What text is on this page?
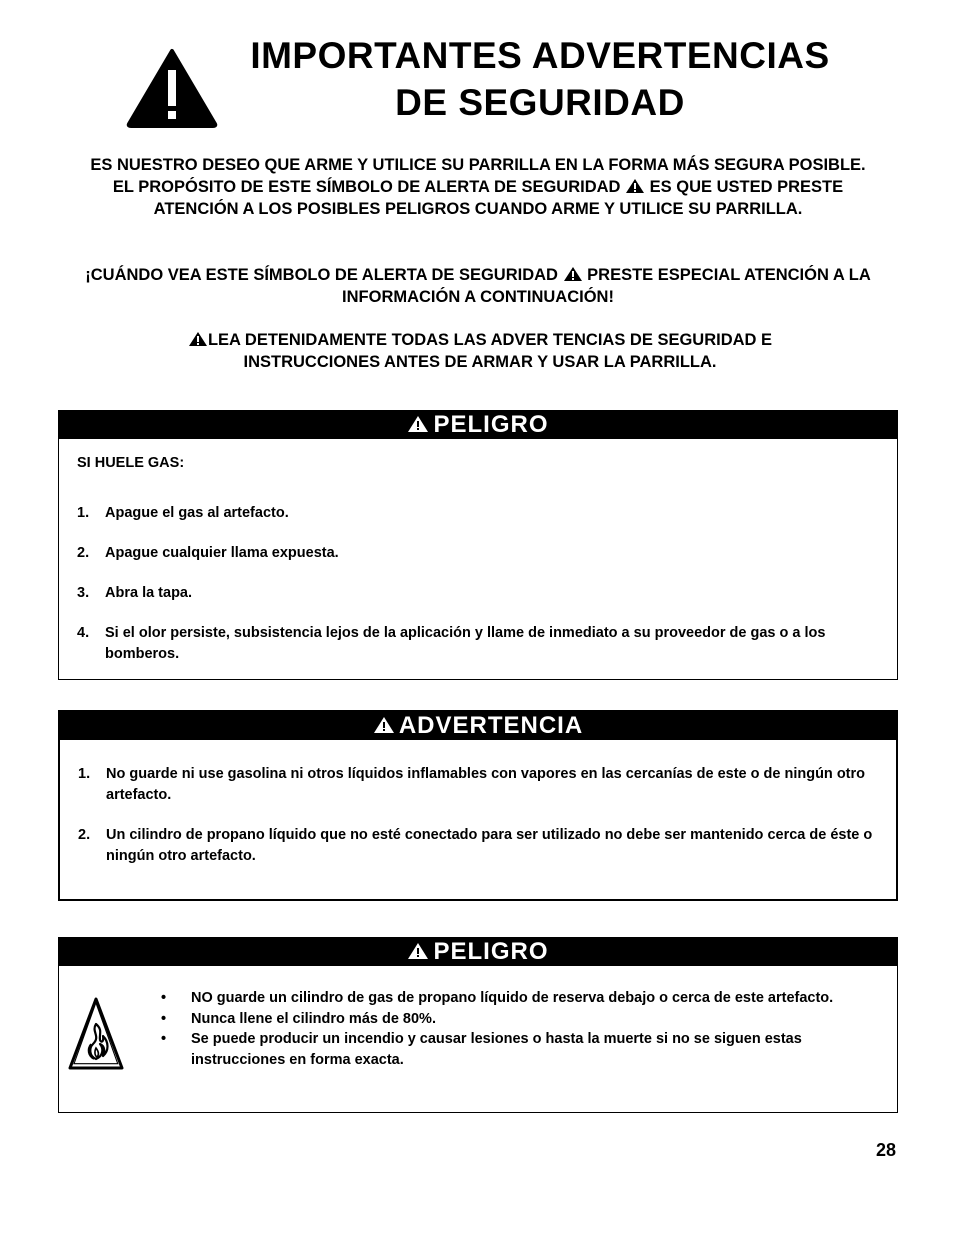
IMPORTANTES ADVERTENCIAS
DE SEGURIDAD
ES NUESTRO DESEO QUE ARME Y UTILICE SU PARRILLA EN LA FORMA MÁS SEGURA POSIBLE. EL PROPÓSITO DE ESTE SÍMBOLO DE ALERTA DE SEGURIDAD ES QUE USTED PRESTE ATENCIÓN A LOS POSIBLES PELIGROS CUANDO ARME Y UTILICE SU PARRILLA.
¡CUÁNDO VEA ESTE SÍMBOLO DE ALERTA DE SEGURIDAD PRESTE ESPECIAL ATENCIÓN A LA INFORMACIÓN A CONTINUACIÓN!
LEA DETENIDAMENTE TODAS LAS ADVER TENCIAS DE SEGURIDAD E INSTRUCCIONES ANTES DE ARMAR Y USAR LA PARRILLA.
PELIGRO
SI HUELE GAS:
1. Apague el gas al artefacto.
2. Apague cualquier llama expuesta.
3. Abra la tapa.
4. Si el olor persiste, subsistencia lejos de la aplicación y llame de inmediato a su proveedor de gas o a los bomberos.
ADVERTENCIA
1. No guarde ni use gasolina ni otros líquidos inflamables con vapores en las cercanías de este o de ningún otro artefacto.
2. Un cilindro de propano líquido que no esté conectado para ser utilizado no debe ser mantenido cerca de éste o ningún otro artefacto.
PELIGRO
• NO guarde un cilindro de gas de propano líquido de reserva debajo o cerca de este artefacto.
• Nunca llene el cilindro más de 80%.
• Se puede producir un incendio y causar lesiones o hasta la muerte si no se siguen estas instrucciones en forma exacta.
28
